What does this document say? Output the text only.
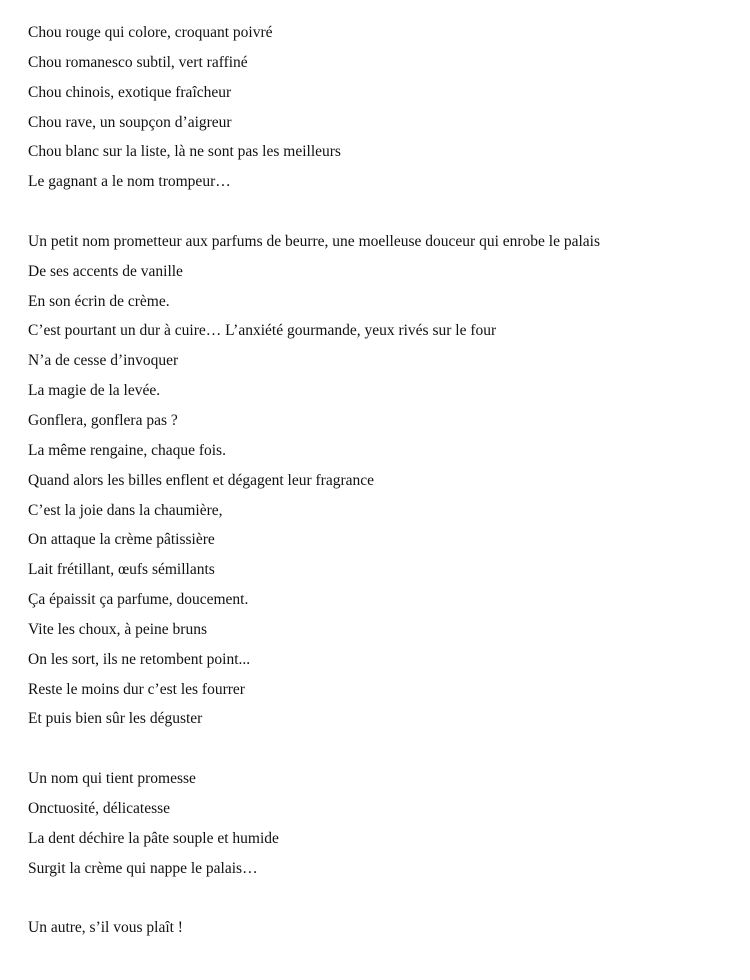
Chou rouge qui colore, croquant poivré
Chou romanesco subtil, vert raffiné
Chou chinois, exotique fraîcheur
Chou rave, un soupçon d’aigreur
Chou blanc sur la liste, là ne sont pas les meilleurs
Le gagnant a le nom trompeur…
Un petit nom prometteur aux parfums de beurre, une moelleuse douceur qui enrobe le palais
De ses accents de vanille
En son écrin de crème.
C’est pourtant un dur à cuire… L’anxiété gourmande, yeux rivés sur le four
N’a de cesse d’invoquer
La magie de la levée.
Gonflera, gonflera pas ?
La même rengaine, chaque fois.
Quand alors les billes enflent et dégagent leur fragrance
C’est la joie dans la chaumière,
On attaque la crème pâtissière
Lait frétillant, œufs sémillants
Ça épaissit ça parfume, doucement.
Vite les choux, à peine bruns
On les sort, ils ne retombent point...
Reste le moins dur c’est les fourrer
Et puis bien sûr les déguster
Un nom qui tient promesse
Onctuosité, délicatesse
La dent déchire la pâte souple et humide
Surgit la crème qui nappe le palais…
Un autre, s’il vous plaît !
